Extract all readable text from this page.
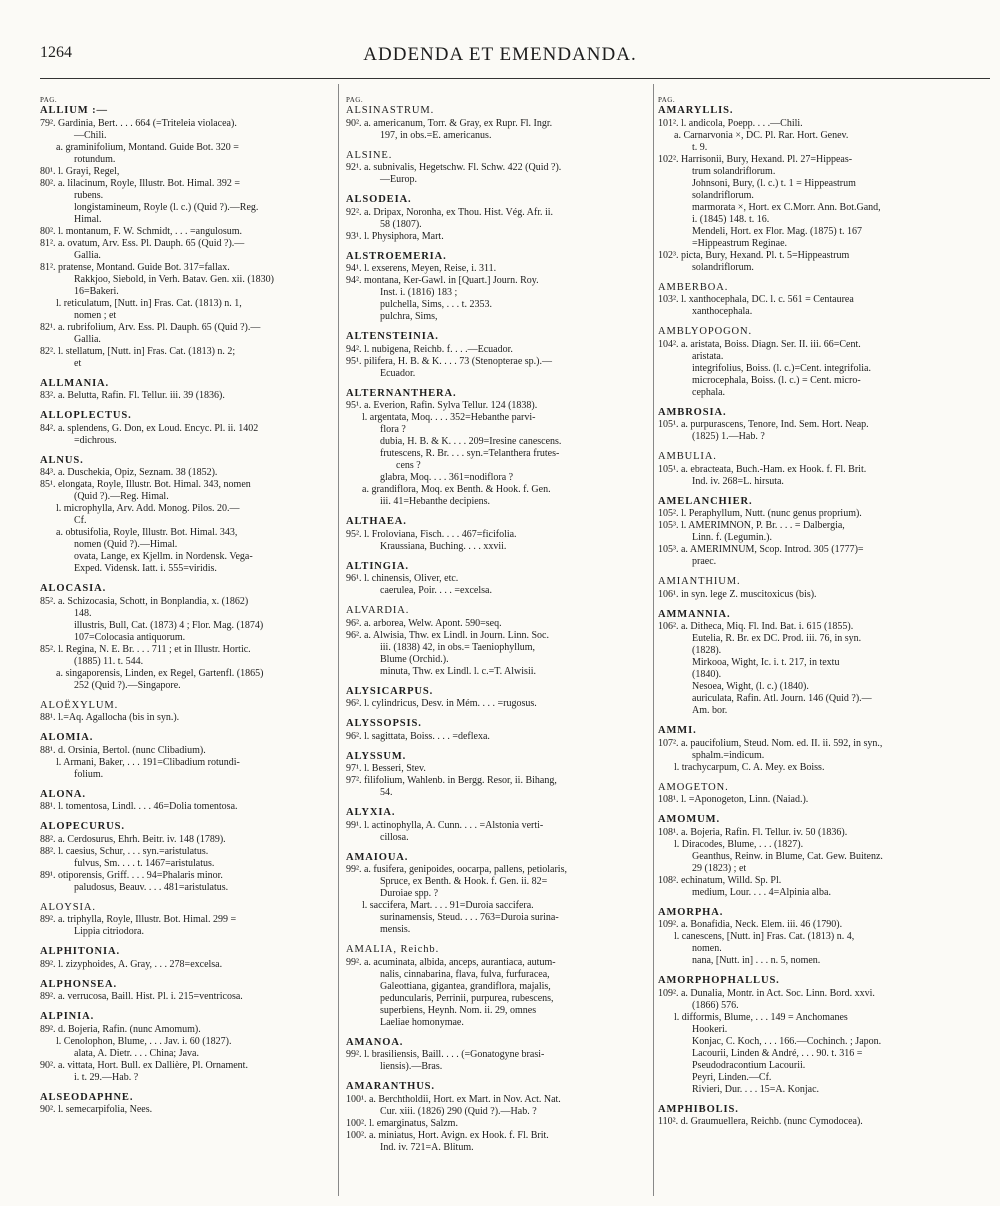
1264	ADDENDA ET EMENDANDA.
PAG.
ALLIUM :—
79². Gardinia, Bert. . . . 664 (=Triteleia violacea).
—Chili.
a. graminifolium, Montand. Guide Bot. 320 =
rotundum.
80¹. l. Grayi, Regel,
80². a. lilacinum, Royle, Illustr. Bot. Himal. 392 =
rubens.
longistamineum, Royle (l. c.) (Quid ?).—Reg.
Himal.
80². l. montanum, F. W. Schmidt, . . . =angulosum.
81². a. ovatum, Arv. Ess. Pl. Dauph. 65 (Quid ?).—
Gallia.
81². pratense, Montand. Guide Bot. 317=fallax.
Rakkjoo, Siebold, in Verh. Batav. Gen. xii. (1830)
16=Bakeri.
l. reticulatum, [Nutt. in] Fras. Cat. (1813) n. 1,
nomen ; et
82¹. a. rubrifolium, Arv. Ess. Pl. Dauph. 65 (Quid ?).—
Gallia.
82². l. stellatum, [Nutt. in] Fras. Cat. (1813) n. 2;
et
ALLMANIA.
83². a. Belutta, Rafin. Fl. Tellur. iii. 39 (1836).
ALLOPLECTUS.
84². a. splendens, G. Don, ex Loud. Encyc. Pl. ii. 1402
=dichrous.
ALNUS.
84³. a. Duschekia, Opiz, Seznam. 38 (1852).
85¹. elongata, Royle, Illustr. Bot. Himal. 343, nomen
(Quid ?).—Reg. Himal.
l. microphylla, Arv. Add. Monog. Pilos. 20.—
Cf.
a. obtusifolia, Royle, Illustr. Bot. Himal. 343,
nomen (Quid ?).—Himal.
ovata, Lange, ex Kjellm. in Nordensk. Vega-
Exped. Vidensk. Iatt. i. 555=viridis.
ALOCASIA.
85². a. Schizocasia, Schott, in Bonplandia, x. (1862)
148.
illustris, Bull, Cat. (1873) 4 ; Flor. Mag. (1874)
107=Colocasia antiquorum.
85². l. Regina, N. E. Br. . . . 711 ; et in Illustr. Hortic.
(1885) 11. t. 544.
a. singaporensis, Linden, ex Regel, Gartenfl. (1865)
252 (Quid ?).—Singapore.
ALOËXYLUM.
88¹. l.=Aq. Agallocha (bis in syn.).
ALOMIA.
88¹. d. Orsinia, Bertol. (nunc Clibadium).
l. Armani, Baker, . . . 191=Clibadium rotundi-
folium.
ALONA.
88¹. l. tomentosa, Lindl. . . . 46=Dolia tomentosa.
ALOPECURUS.
88². a. Cerdosurus, Ehrh. Beitr. iv. 148 (1789).
88². l. caesius, Schur, . . . syn.=aristulatus.
fulvus, Sm. . . . t. 1467=aristulatus.
89¹. otiporensis, Griff. . . . 94=Phalaris minor.
paludosus, Beauv. . . . 481=aristulatus.
ALOYSIA.
89². a. triphylla, Royle, Illustr. Bot. Himal. 299 =
Lippia citriodora.
ALPHITONIA.
89². l. zizyphoides, A. Gray, . . . 278=excelsa.
ALPHONSEA.
89². a. verrucosa, Baill. Hist. Pl. i. 215=ventricosa.
ALPINIA.
89². d. Bojeria, Rafin. (nunc Amomum).
l. Cenolophon, Blume, . . . Jav. i. 60 (1827).
alata, A. Dietr. . . . China; Java.
90². a. vittata, Hort. Bull. ex Dallière, Pl. Ornament.
i. t. 29.—Hab. ?
ALSEODAPHNE.
90². l. semecarpifolia, Nees.
PAG.
ALSINASTRUM.
90². a. americanum, Torr. & Gray, ex Rupr. Fl. Ingr.
197, in obs.=E. americanus.
ALSINE.
92¹. a. subnivalis, Hegetschw. Fl. Schw. 422 (Quid ?).
—Europ.
ALSODEIA.
92². a. Dripax, Noronha, ex Thou. Hist. Vég. Afr. ii.
58 (1807).
93¹. l. Physiphora, Mart.
ALSTROEMERIA.
94¹. l. exserens, Meyen, Reise, i. 311.
94². montana, Ker-Gawl. in [Quart.] Journ. Roy.
Inst. i. (1816) 183 ;
pulchella, Sims, . . . t. 2353.
pulchra, Sims,
ALTENSTEINIA.
94². l. nubigena, Reichb. f. . . .—Ecuador.
95¹. pilifera, H. B. & K. . . . 73 (Stenopterae sp.).—
Ecuador.
ALTERNANTHERA.
95¹. a. Everion, Rafin. Sylva Tellur. 124 (1838).
l. argentata, Moq. . . . 352=Hebanthe parvi-
flora ?
dubia, H. B. & K. . . . 209=Iresine canescens.
frutescens, R. Br. . . . syn.=Telanthera frutes-
cens ?
glabra, Moq. . . . 361=nodiflora ?
a. grandiflora, Moq. ex Benth. & Hook. f. Gen.
iii. 41=Hebanthe decipiens.
ALTHAEA.
95². l. Froloviana, Fisch. . . . 467=ficifolia.
Kraussiana, Buching. . . . xxvii.
ALTINGIA.
96¹. l. chinensis, Oliver, etc.
caerulea, Poir. . . . =excelsa.
ALVARDIA.
96². a. arborea, Welw. Apont. 590=seq.
96². a. Alwisia, Thw. ex Lindl. in Journ. Linn. Soc.
iii. (1838) 42, in obs.= Taeniophyllum,
Blume (Orchid.).
minuta, Thw. ex Lindl. l. c.=T. Alwisii.
ALYSICARPUS.
96². l. cylindricus, Desv. in Mém. . . . =rugosus.
ALYSSOPSIS.
96². l. sagittata, Boiss. . . . =deflexa.
ALYSSUM.
97¹. l. Besseri, Stev.
97². filifolium, Wahlenb. in Bergg. Resor, ii. Bihang,
54.
ALYXIA.
99¹. l. actinophylla, A. Cunn. . . . =Alstonia verti-
cillosa.
AMAIOUA.
99². a. fusifera, genipoides, oocarpa, pallens, petiolaris,
Spruce, ex Benth. & Hook. f. Gen. ii. 82=
Duroiae spp. ?
l. saccifera, Mart. . . . 91=Duroia saccifera.
surinamensis, Steud. . . . 763=Duroia surina-
mensis.
AMALIA, Reichb.
99². a. acuminata, albida, anceps, aurantiaca, autum-
nalis, cinnabarina, flava, fulva, furfuracea,
Galeottiana, gigantea, grandiflora, majalis,
peduncularis, Perrinii, purpurea, rubescens,
superbiens, Heynh. Nom. ii. 29, omnes
Laeliae homonymae.
AMANOA.
99². l. brasiliensis, Baill. . . . (=Gonatogyne brasi-
liensis).—Bras.
AMARANTHUS.
100¹. a. Berchtholdii, Hort. ex Mart. in Nov. Act. Nat.
Cur. xiii. (1826) 290 (Quid ?).—Hab. ?
100². l. emarginatus, Salzm.
100². a. miniatus, Hort. Avign. ex Hook. f. Fl. Brit.
Ind. iv. 721=A. Blitum.
PAG.
AMARYLLIS.
101². l. andicola, Poepp. . . .—Chili.
a. Carnarvonia ×, DC. Pl. Rar. Hort. Genev.
t. 9.
102². Harrisonii, Bury, Hexand. Pl. 27=Hippeas-
trum solandriflorum.
Johnsoni, Bury, (l. c.) t. 1 = Hippeastrum
solandriflorum.
marmorata ×, Hort. ex C.Morr. Ann. Bot.Gand,
i. (1845) 148. t. 16.
Mendeli, Hort. ex Flor. Mag. (1875) t. 167
=Hippeastrum Reginae.
102³. picta, Bury, Hexand. Pl. t. 5=Hippeastrum
solandriflorum.
AMBERBOA.
103². l. xanthocephala, DC. l. c. 561 = Centaurea
xanthocephala.
AMBLYOPOGON.
104². a. aristata, Boiss. Diagn. Ser. II. iii. 66=Cent.
aristata.
integrifolius, Boiss. (l. c.)=Cent. integrifolia.
microcephala, Boiss. (l. c.) = Cent. micro-
cephala.
AMBROSIA.
105¹. a. purpurascens, Tenore, Ind. Sem. Hort. Neap.
(1825) 1.—Hab. ?
AMBULIA.
105¹. a. ebracteata, Buch.-Ham. ex Hook. f. Fl. Brit.
Ind. iv. 268=L. hirsuta.
AMELANCHIER.
105². l. Peraphyllum, Nutt. (nunc genus proprium).
105³. l. AMERIMNON, P. Br. . . . = Dalbergia,
Linn. f. (Legumin.).
105³. a. AMERIMNUM, Scop. Introd. 305 (1777)=
praec.
AMIANTHIUM.
106¹. in syn. lege Z. muscitoxicus (bis).
AMMANNIA.
106². a. Ditheca, Miq. Fl. Ind. Bat. i. 615 (1855).
Eutelia, R. Br. ex DC. Prod. iii. 76, in syn.
(1828).
Mirkooa, Wight, Ic. i. t. 217, in textu
(1840).
Nesoea, Wight, (l. c.) (1840).
auriculata, Rafin. Atl. Journ. 146 (Quid ?).—
Am. bor.
AMMI.
107². a. paucifolium, Steud. Nom. ed. II. ii. 592, in syn.,
sphalm.=indicum.
l. trachycarpum, C. A. Mey. ex Boiss.
AMOGETON.
108¹. l. =Aponogeton, Linn. (Naiad.).
AMOMUM.
108¹. a. Bojeria, Rafin. Fl. Tellur. iv. 50 (1836).
l. Diracodes, Blume, . . . (1827).
Geanthus, Reinw. in Blume, Cat. Gew. Buitenz.
29 (1823) ; et
108². echinatum, Willd. Sp. Pl.
medium, Lour. . . . 4=Alpinia alba.
AMORPHA.
109². a. Bonafidia, Neck. Elem. iii. 46 (1790).
l. canescens, [Nutt. in] Fras. Cat. (1813) n. 4,
nomen.
nana, [Nutt. in] . . . n. 5, nomen.
AMORPHOPHALLUS.
109². a. Dunalia, Montr. in Act. Soc. Linn. Bord. xxvi.
(1866) 576.
l. difformis, Blume, . . . 149 = Anchomanes
Hookeri.
Konjac, C. Koch, . . . 166.—Cochinch. ; Japon.
Lacourii, Linden & André, . . . 90. t. 316 =
Pseudodracontium Lacourii.
Peyri, Linden.—Cf.
Rivieri, Dur. . . . 15=A. Konjac.
AMPHIBOLIS.
110². d. Graumuellera, Reichb. (nunc Cymodocea).
